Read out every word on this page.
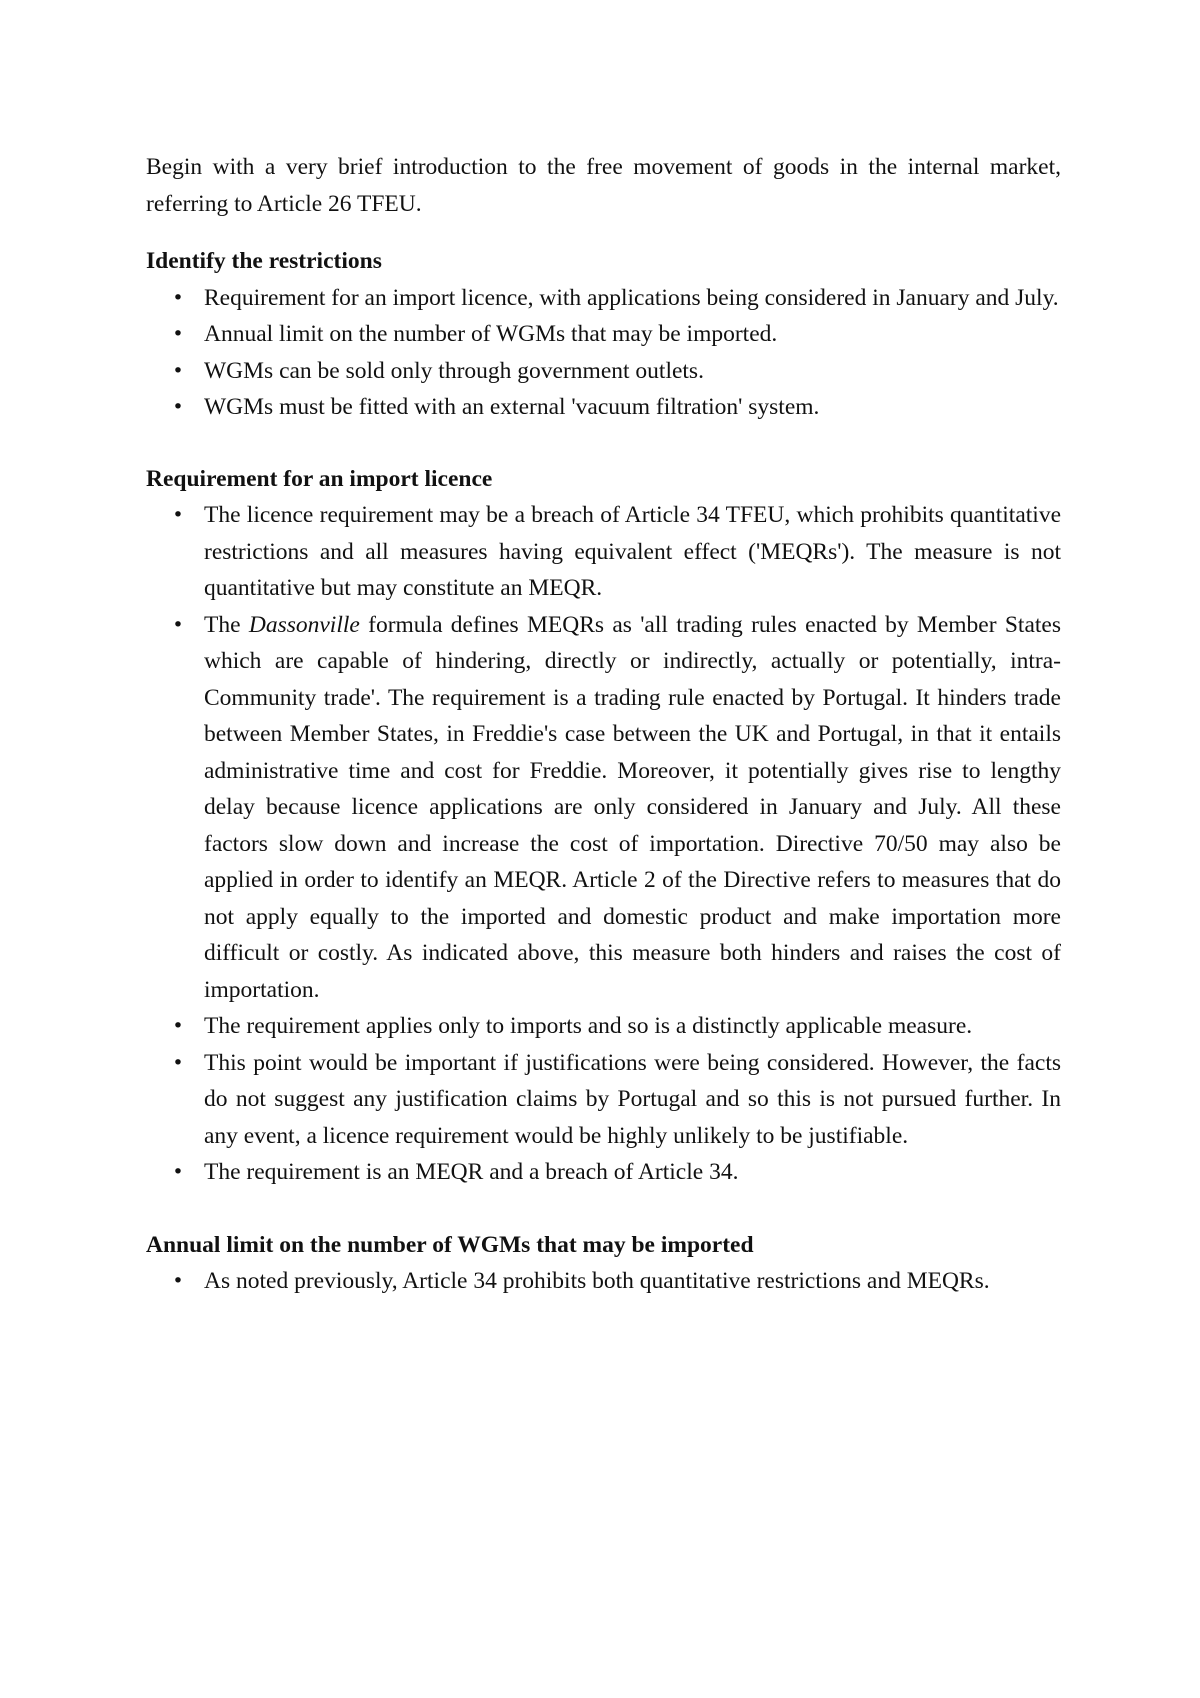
Begin with a very brief introduction to the free movement of goods in the internal market, referring to Article 26 TFEU.

Identify the restrictions

• Requirement for an import licence, with applications being considered in January and July.
• Annual limit on the number of WGMs that may be imported.
• WGMs can be sold only through government outlets.
• WGMs must be fitted with an external 'vacuum filtration' system.

Requirement for an import licence

• The licence requirement may be a breach of Article 34 TFEU, which prohibits quantitative restrictions and all measures having equivalent effect ('MEQRs'). The measure is not quantitative but may constitute an MEQR.
• The Dassonville formula defines MEQRs as 'all trading rules enacted by Member States which are capable of hindering, directly or indirectly, actually or potentially, intra-Community trade'. The requirement is a trading rule enacted by Portugal. It hinders trade between Member States, in Freddie's case between the UK and Portugal, in that it entails administrative time and cost for Freddie. Moreover, it potentially gives rise to lengthy delay because licence applications are only considered in January and July. All these factors slow down and increase the cost of importation. Directive 70/50 may also be applied in order to identify an MEQR. Article 2 of the Directive refers to measures that do not apply equally to the imported and domestic product and make importation more difficult or costly. As indicated above, this measure both hinders and raises the cost of importation.
• The requirement applies only to imports and so is a distinctly applicable measure.
• This point would be important if justifications were being considered. However, the facts do not suggest any justification claims by Portugal and so this is not pursued further. In any event, a licence requirement would be highly unlikely to be justifiable.
• The requirement is an MEQR and a breach of Article 34.

Annual limit on the number of WGMs that may be imported

• As noted previously, Article 34 prohibits both quantitative restrictions and MEQRs.
